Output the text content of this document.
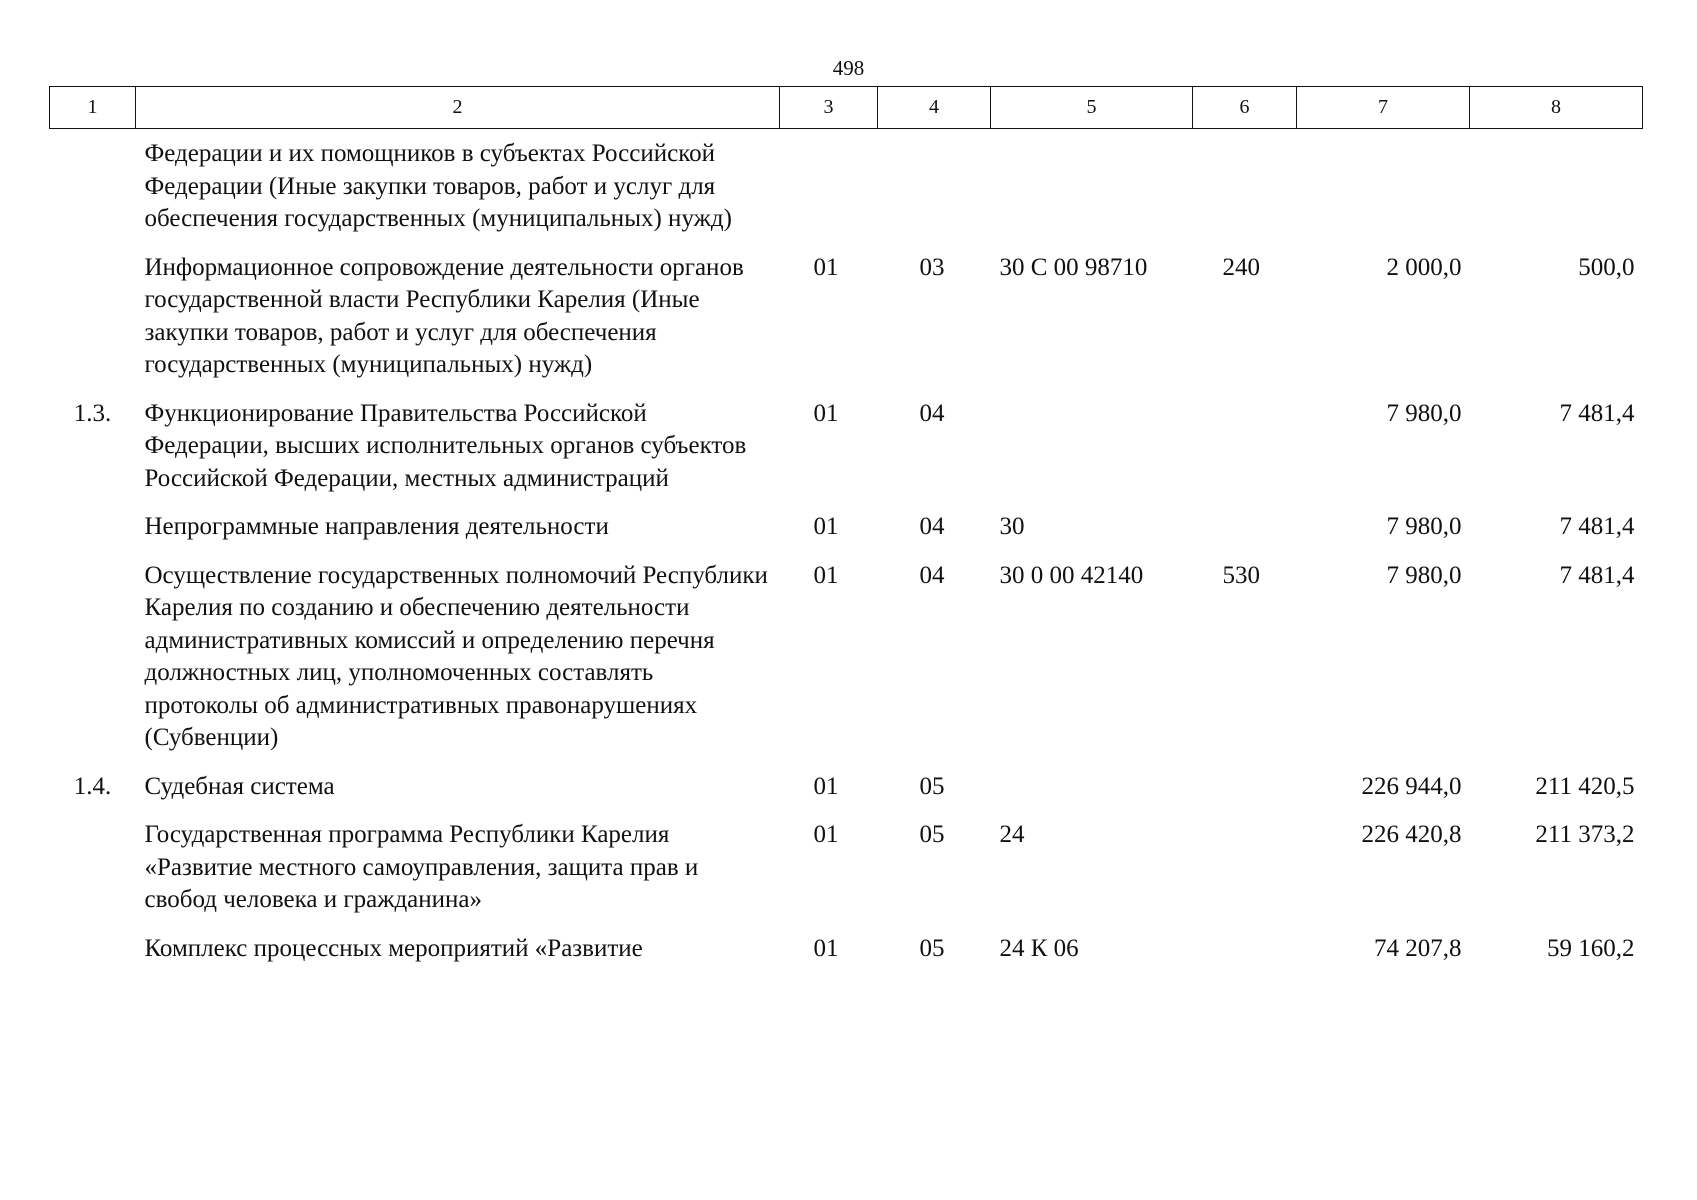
498
1	2	3	4	5	6	7	8
	Федерации и их помощников в субъектах Российской Федерации (Иные закупки товаров, работ и услуг для обеспечения государственных (муниципальных) нужд)						
	Информационное сопровождение деятельности органов государственной власти Республики Карелия (Иные закупки товаров, работ и услуг для обеспечения государственных (муниципальных) нужд)	01	03	30 С 00 98710	240	2 000,0	500,0
1.3.	Функционирование Правительства Российской Федерации, высших исполнительных органов субъектов Российской Федерации, местных администраций	01	04			7 980,0	7 481,4
	Непрограммные направления деятельности	01	04	30		7 980,0	7 481,4
	Осуществление государственных полномочий Республики Карелия по созданию и обеспечению деятельности административных комиссий и определению перечня должностных лиц, уполномоченных составлять протоколы об административных правонарушениях (Субвенции)	01	04	30 0 00 42140	530	7 980,0	7 481,4
1.4.	Судебная система	01	05			226 944,0	211 420,5
	Государственная программа Республики Карелия «Развитие местного самоуправления, защита прав и свобод человека и гражданина»	01	05	24		226 420,8	211 373,2
	Комплекс процессных мероприятий «Развитие	01	05	24 К 06		74 207,8	59 160,2
